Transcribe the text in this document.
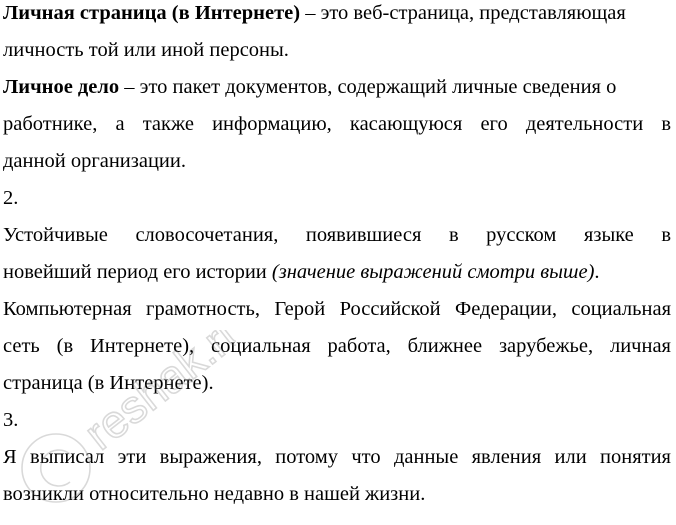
Личная страница (в Интернете) – это веб-страница, представляющая
личность той или иной персоны.
Личное дело – это пакет документов, содержащий личные сведения о
работнике, а также информацию, касающуюся его деятельности в
данной организации.
2.
Устойчивые словосочетания, появившиеся в русском языке в
новейший период его истории (значение выражений смотри выше).
Компьютерная грамотность, Герой Российской Федерации, социальная
сеть (в Интернете), социальная работа, ближнее зарубежье, личная
страница (в Интернете).
3.
Я выписал эти выражения, потому что данные явления или понятия
возникли относительно недавно в нашей жизни.
reshak.ru
